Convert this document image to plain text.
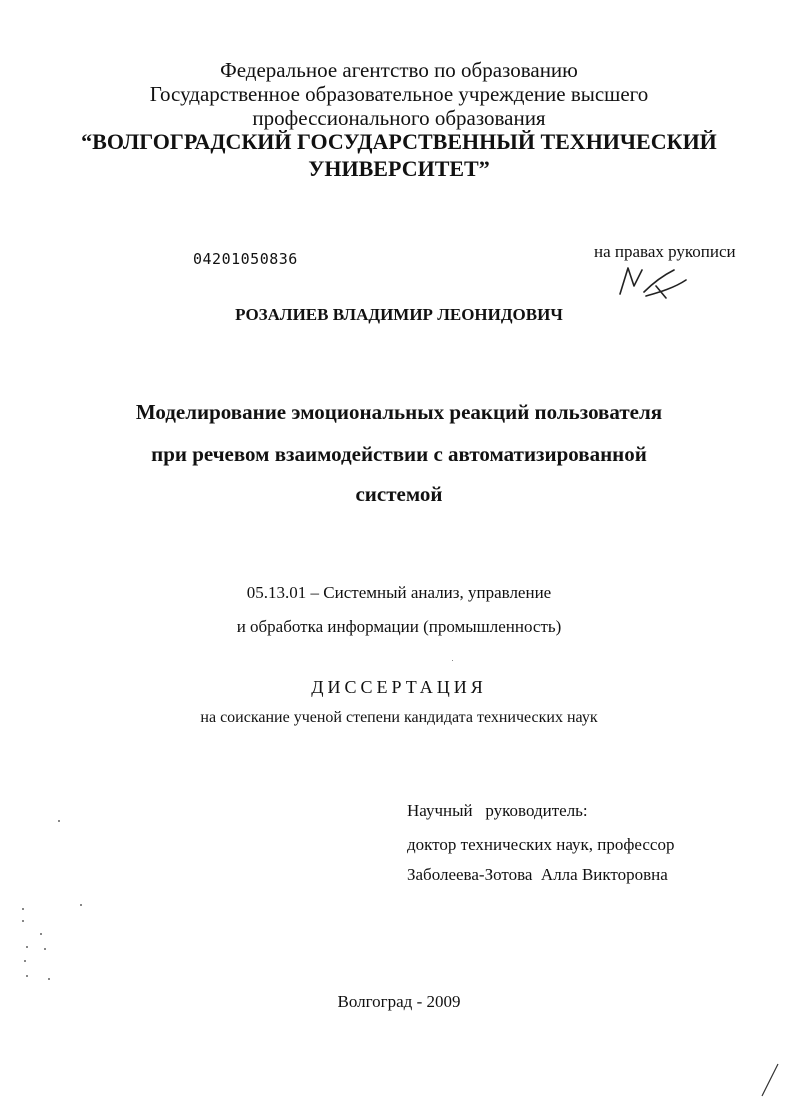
Федеральное агентство по образованию
Государственное образовательное учреждение высшего
профессионального образования
“ВОЛГОГРАДСКИЙ ГОСУДАРСТВЕННЫЙ ТЕХНИЧЕСКИЙ
УНИВЕРСИТЕТ”
04201050836	на правах рукописи
РОЗАЛИЕВ ВЛАДИМИР ЛЕОНИДОВИЧ
Моделирование эмоциональных реакций пользователя
при речевом взаимодействии с автоматизированной
системой
05.13.01 – Системный анализ, управление
и обработка информации (промышленность)
ДИССЕРТАЦИЯ
на соискание ученой степени кандидата технических наук
Научный   руководитель:
доктор технических наук, профессор
Заболеева-Зотова  Алла Викторовна
Волгоград - 2009
